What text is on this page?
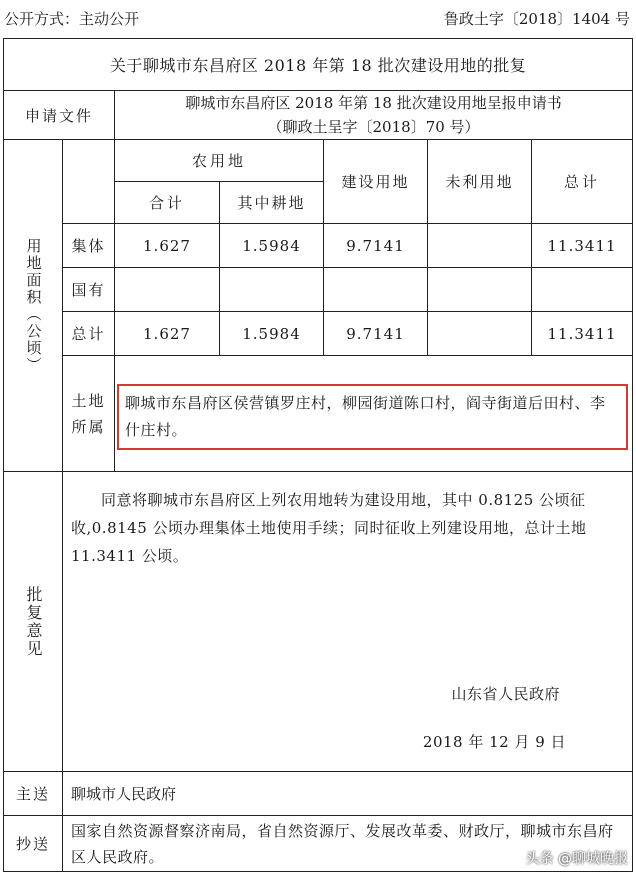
公开方式：主动公开	鲁政土字〔2018〕1404 号
关于聊城市东昌府区 2018 年第 18 批次建设用地的批复						
申请文件		聊城市东昌府区 2018 年第 18 批次建设用地呈报申请书
（聊政土呈字〔2018〕70 号）				

用地面积（公顷）		农用地		建设用地	未利用地	总计
		合计	其中耕地			
	集体	1.627	1.5984	9.7141		11.3411
	国有					
	总计	1.627	1.5984	9.7141		11.3411

	土地
所属					

		聊城市东昌府区侯营镇罗庄村，柳园街道陈口村，阎寺街道后田村、李什庄村。				

批复意见	同意将聊城市东昌府区上列农用地转为建设用地，其中 0.8125 公顷征收,0.8145 公顷办理集体土地使用手续；同时征收上列建设用地，总计土地 11.3411 公顷。

山东省人民政府
2018 年 12 月 9 日					

主送	聊城市人民政府					
抄送	国家自然资源督察济南局，省自然资源厅、发展改革委、财政厅，聊城市东昌府区人民政府。						头条 @聊城晚报
